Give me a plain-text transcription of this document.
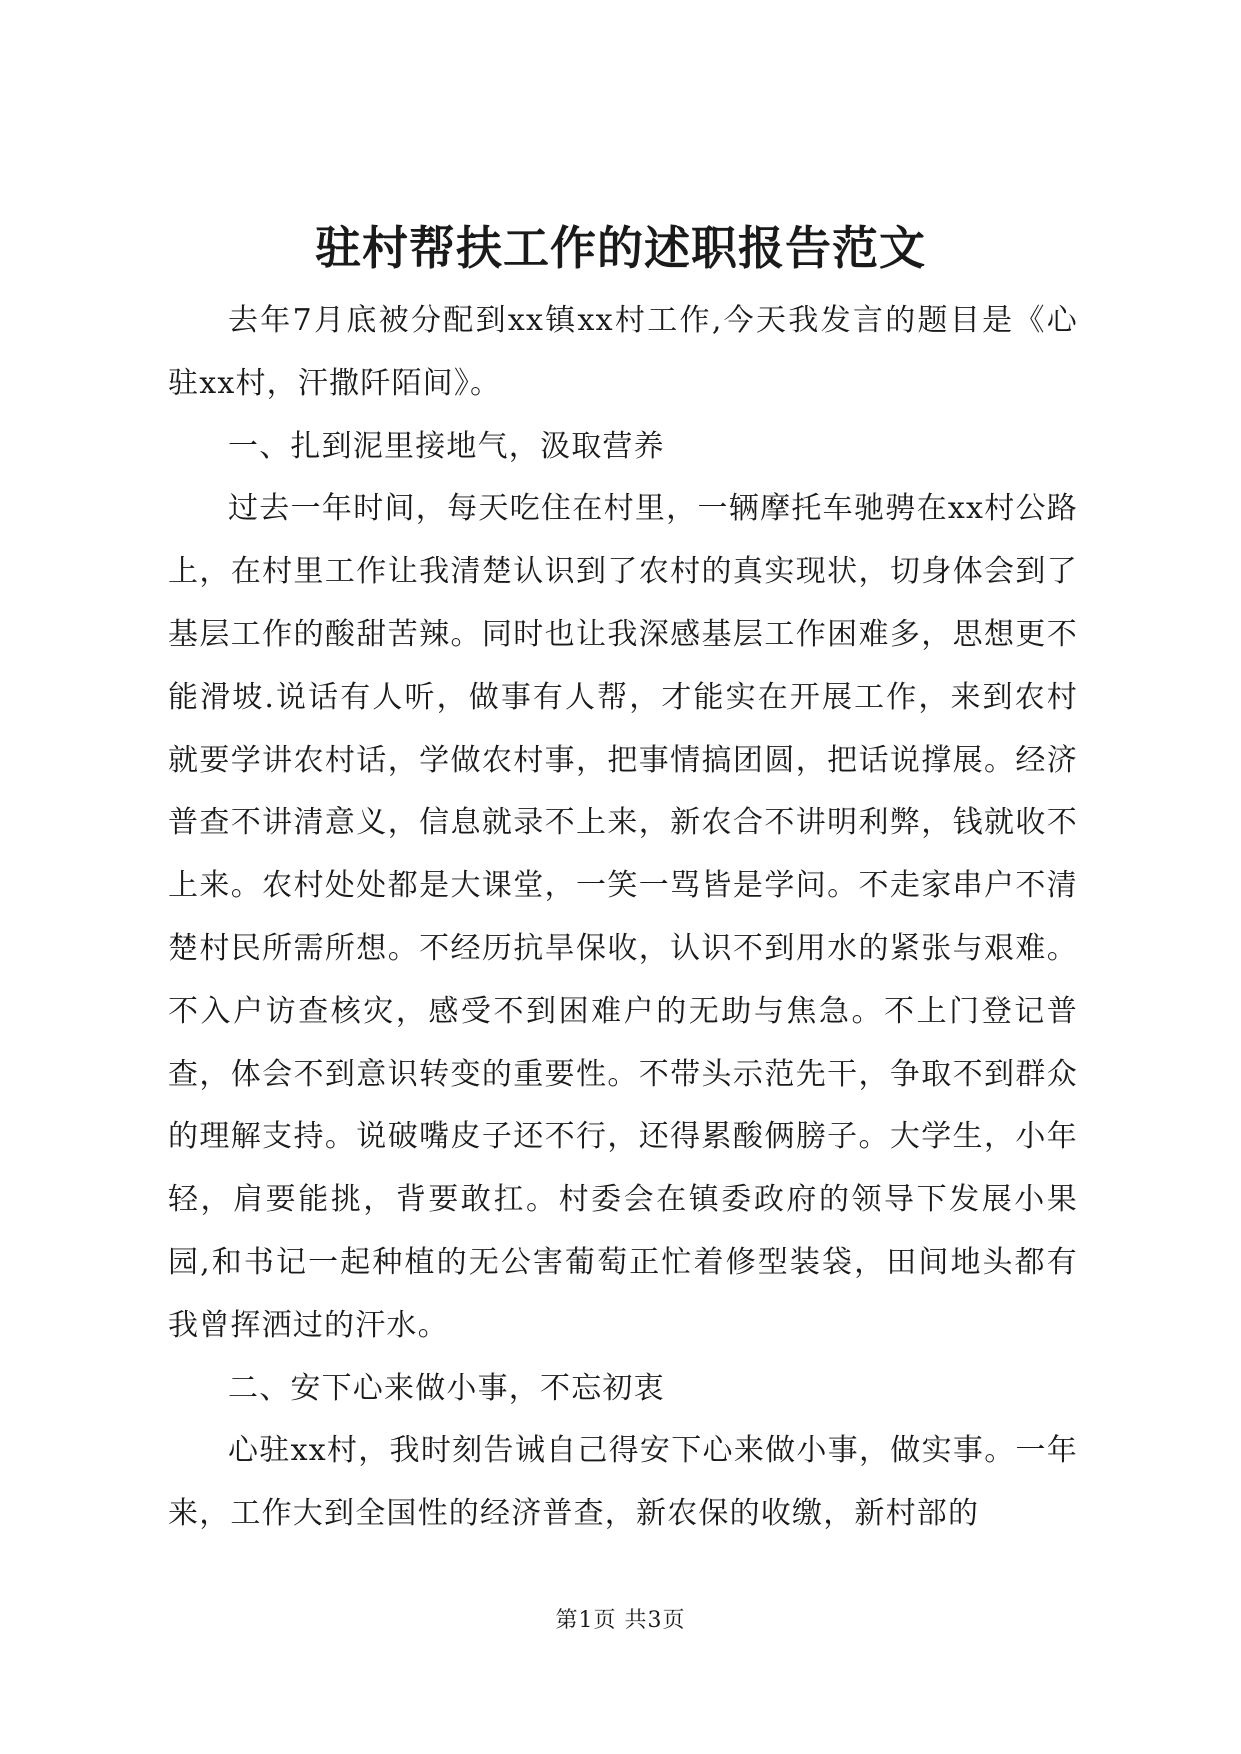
驻村帮扶工作的述职报告范文

去年7月底被分配到xx镇xx村工作,今天我发言的题目是《心驻xx村，汗撒阡陌间》。

一、扎到泥里接地气，汲取营养

过去一年时间，每天吃住在村里，一辆摩托车驰骋在xx村公路上，在村里工作让我清楚认识到了农村的真实现状，切身体会到了基层工作的酸甜苦辣。同时也让我深感基层工作困难多，思想更不能滑坡.说话有人听，做事有人帮，才能实在开展工作，来到农村就要学讲农村话，学做农村事，把事情搞团圆，把话说撑展。经济普查不讲清意义，信息就录不上来，新农合不讲明利弊，钱就收不上来。农村处处都是大课堂，一笑一骂皆是学问。不走家串户不清楚村民所需所想。不经历抗旱保收，认识不到用水的紧张与艰难。不入户访查核灾，感受不到困难户的无助与焦急。不上门登记普查，体会不到意识转变的重要性。不带头示范先干，争取不到群众的理解支持。说破嘴皮子还不行，还得累酸俩膀子。大学生，小年轻，肩要能挑，背要敢扛。村委会在镇委政府的领导下发展小果园,和书记一起种植的无公害葡萄正忙着修型装袋，田间地头都有我曾挥洒过的汗水。

二、安下心来做小事，不忘初衷

心驻xx村，我时刻告诫自己得安下心来做小事，做实事。一年来，工作大到全国性的经济普查，新农保的收缴，新村部的

第1页 共3页
